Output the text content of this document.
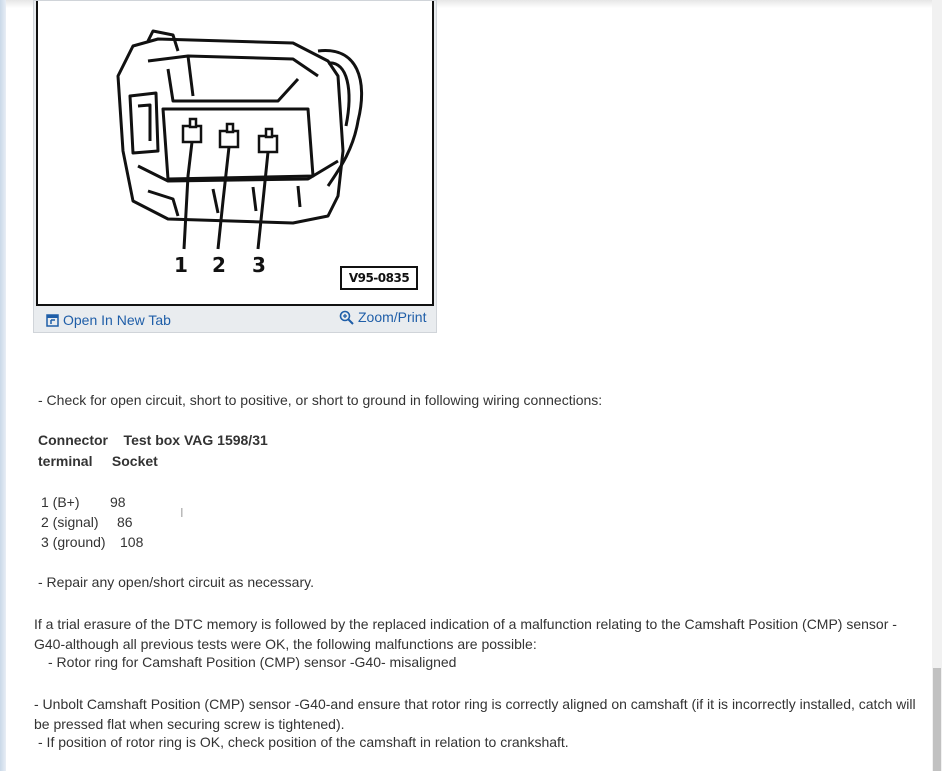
1 2 3
V95-0835
Open In New Tab	Zoom/Print
- Check for open circuit, short to positive, or short to ground in following wiring connections:
Connector    Test box VAG 1598/31
terminal     Socket
1 (B+) 98
2 (signal) 86
3 (ground) 108
I
- Repair any open/short circuit as necessary.
If a trial erasure of the DTC memory is followed by the replaced indication of a malfunction relating to the Camshaft Position (CMP) sensor -G40-although all previous tests were OK, the following malfunctions are possible:
- Rotor ring for Camshaft Position (CMP) sensor -G40- misaligned
- Unbolt Camshaft Position (CMP) sensor -G40-and ensure that rotor ring is correctly aligned on camshaft (if it is incorrectly installed, catch will be pressed flat when securing screw is tightened).
- If position of rotor ring is OK, check position of the camshaft in relation to crankshaft.
